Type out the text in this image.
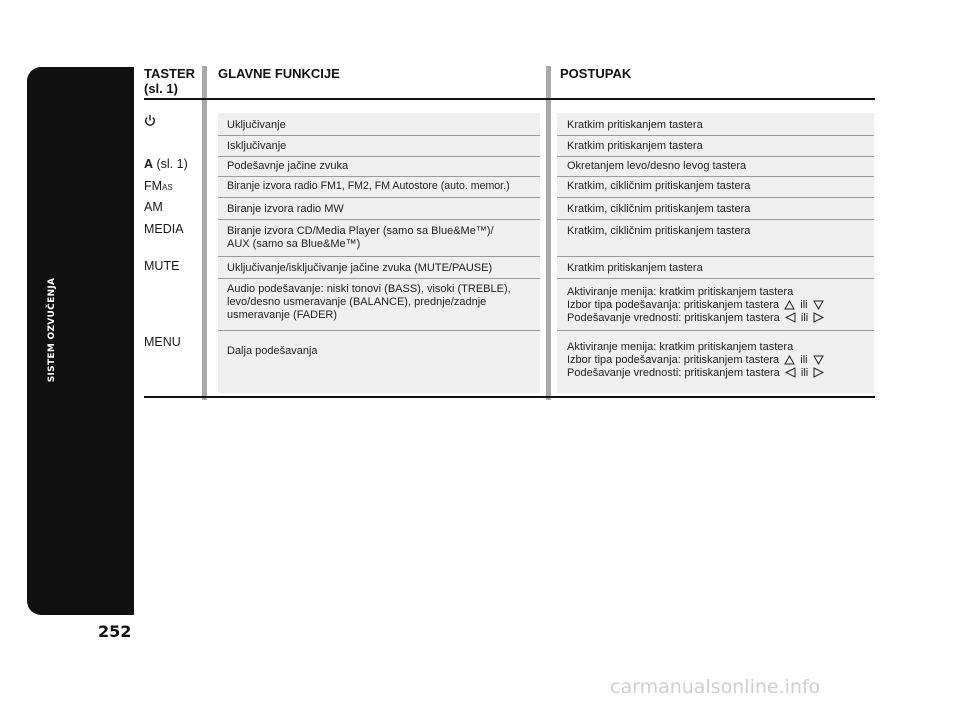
SISTEM OZVUČENJA
252
TASTER
(sl. 1)
GLAVNE FUNKCIJE	POSTUPAK
A (sl. 1)
FMAS
AM
MEDIA
MUTE
MENU
Uključivanje
Isključivanje
Podešavnje jačine zvuka
Biranje izvora radio FM1, FM2, FM Autostore (auto. memor.)
Biranje izvora radio MW
Biranje izvora CD/Media Player (samo sa Blue&Me™)/
AUX (samo sa Blue&Me™)
Uključivanje/isključivanje jačine zvuka (MUTE/PAUSE)
Audio podešavanje: niski tonovi (BASS), visoki (TREBLE),
levo/desno usmeravanje (BALANCE), prednje/zadnje
usmeravanje (FADER)
Dalja podešavanja
Kratkim pritiskanjem tastera
Kratkim pritiskanjem tastera
Okretanjem levo/desno levog tastera
Kratkim, cikličnim pritiskanjem tastera
Kratkim, cikličnim pritiskanjem tastera
Kratkim, cikličnim pritiskanjem tastera
Kratkim pritiskanjem tastera
Aktiviranje menija: kratkim pritiskanjem tastera
Izbor tipa podešavanja: pritiskanjem tastera ili
Podešavanje vrednosti: pritiskanjem tastera ili
Aktiviranje menija: kratkim pritiskanjem tastera
Izbor tipa podešavanja: pritiskanjem tastera ili
Podešavanje vrednosti: pritiskanjem tastera ili
carmanualsonline.info
